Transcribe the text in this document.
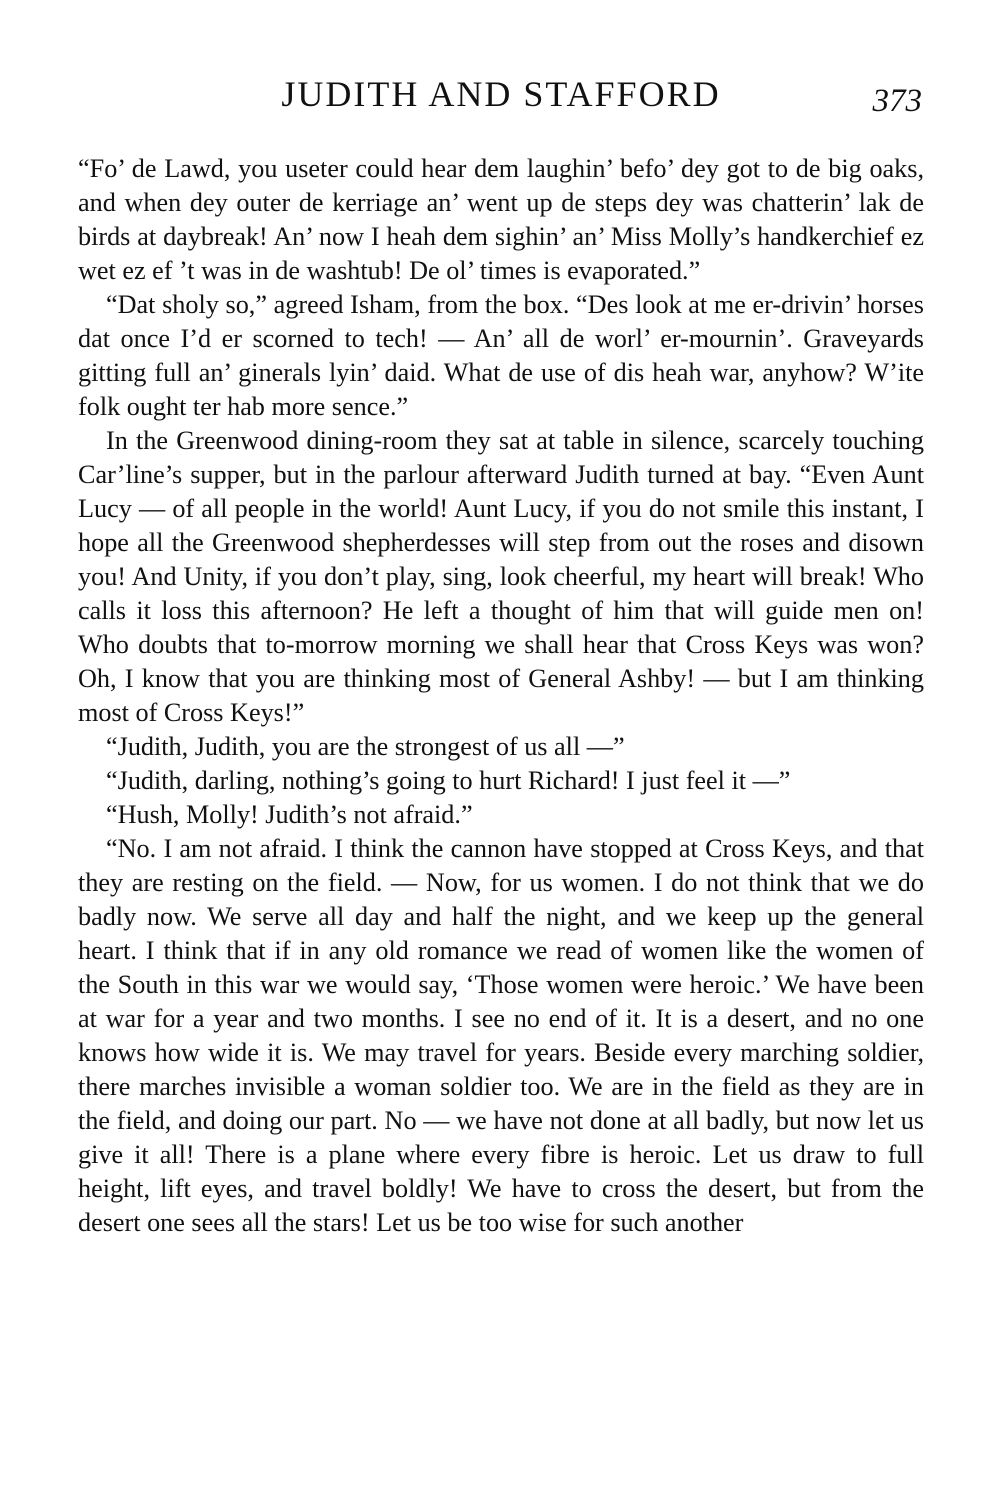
JUDITH AND STAFFORD	373

“Fo’ de Lawd, you useter could hear dem laughin’ befo’ dey got to de big oaks, and when dey outer de kerriage an’ went up de steps dey was chatterin’ lak de birds at daybreak! An’ now I heah dem sighin’ an’ Miss Molly’s handkerchief ez wet ez ef ’t was in de washtub! De ol’ times is evaporated.”

“Dat sholy so,” agreed Isham, from the box. “Des look at me er-drivin’ horses dat once I’d er scorned to tech! — An’ all de worl’ er-mournin’. Graveyards gitting full an’ ginerals lyin’ daid. What de use of dis heah war, anyhow? W’ite folk ought ter hab more sence.”

In the Greenwood dining-room they sat at table in silence, scarcely touching Car’line’s supper, but in the parlour afterward Judith turned at bay. “Even Aunt Lucy — of all people in the world! Aunt Lucy, if you do not smile this instant, I hope all the Greenwood shepherdesses will step from out the roses and disown you! And Unity, if you don’t play, sing, look cheerful, my heart will break! Who calls it loss this afternoon? He left a thought of him that will guide men on! Who doubts that to-morrow morning we shall hear that Cross Keys was won? Oh, I know that you are thinking most of General Ashby! — but I am thinking most of Cross Keys!”

“Judith, Judith, you are the strongest of us all —”

“Judith, darling, nothing’s going to hurt Richard! I just feel it —”

“Hush, Molly! Judith’s not afraid.”

“No. I am not afraid. I think the cannon have stopped at Cross Keys, and that they are resting on the field. — Now, for us women. I do not think that we do badly now. We serve all day and half the night, and we keep up the general heart. I think that if in any old romance we read of women like the women of the South in this war we would say, ‘Those women were heroic.’ We have been at war for a year and two months. I see no end of it. It is a desert, and no one knows how wide it is. We may travel for years. Beside every marching soldier, there marches invisible a woman soldier too. We are in the field as they are in the field, and doing our part. No — we have not done at all badly, but now let us give it all! There is a plane where every fibre is heroic. Let us draw to full height, lift eyes, and travel boldly! We have to cross the desert, but from the desert one sees all the stars! Let us be too wise for such another
